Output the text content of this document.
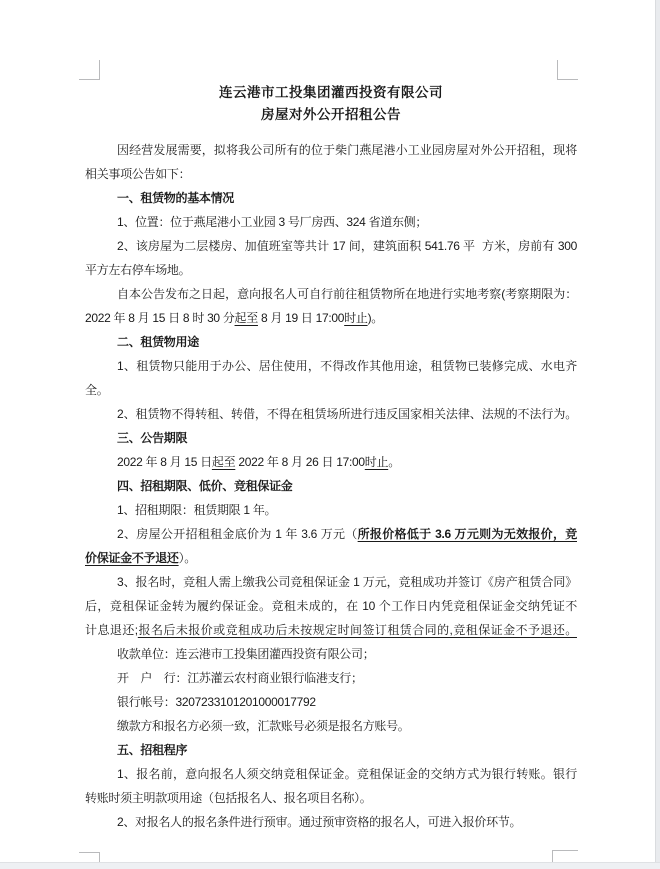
连云港市工投集团灌西投资有限公司
房屋对外公开招租公告
因经营发展需要，拟将我公司所有的位于柴门燕尾港小工业园房屋对外公开招租，现将
相关事项公告如下：
一、租赁物的基本情况
1、位置：位于燕尾港小工业园 3 号厂房西、324 省道东侧；
2、该房屋为二层楼房、加值班室等共计 17 间，建筑面积 541.76 平  方米，房前有 300
平方左右停车场地。
自本公告发布之日起，意向报名人可自行前往租赁物所在地进行实地考察(考察期限为：
2022 年 8 月 15 日 8 时 30 分起至 8 月 19 日 17:00时止)。
二、租赁物用途
1、租赁物只能用于办公、居住使用，不得改作其他用途，租赁物已装修完成、水电齐
全。
2、租赁物不得转租、转借，不得在租赁场所进行违反国家相关法律、法规的不法行为。
三、公告期限
2022 年 8 月 15 日起至 2022 年 8 月 26 日 17:00时止。
四、招租期限、低价、竞租保证金
1、招租期限：租赁期限 1 年。
2、房屋公开招租租金底价为 1 年 3.6 万元（所报价格低于 3.6 万元则为无效报价，竞
价保证金不予退还）。
3、报名时，竞租人需上缴我公司竞租保证金 1 万元，竞租成功并签订《房产租赁合同》
后，竞租保证金转为履约保证金。竞租未成的，在 10 个工作日内凭竞租保证金交纳凭证不
计息退还;报名后未报价或竞租成功后未按规定时间签订租赁合同的,竞租保证金不予退还。
收款单位：连云港市工投集团灌西投资有限公司；
开　户　行：江苏灌云农村商业银行临港支行；
银行帐号：3207233101201000017792
缴款方和报名方必须一致，汇款账号必须是报名方账号。
五、招租程序
1、报名前，意向报名人须交纳竞租保证金。竞租保证金的交纳方式为银行转账。银行
转账时须主明款项用途（包括报名人、报名项目名称）。
2、对报名人的报名条件进行预审。通过预审资格的报名人，可进入报价环节。
